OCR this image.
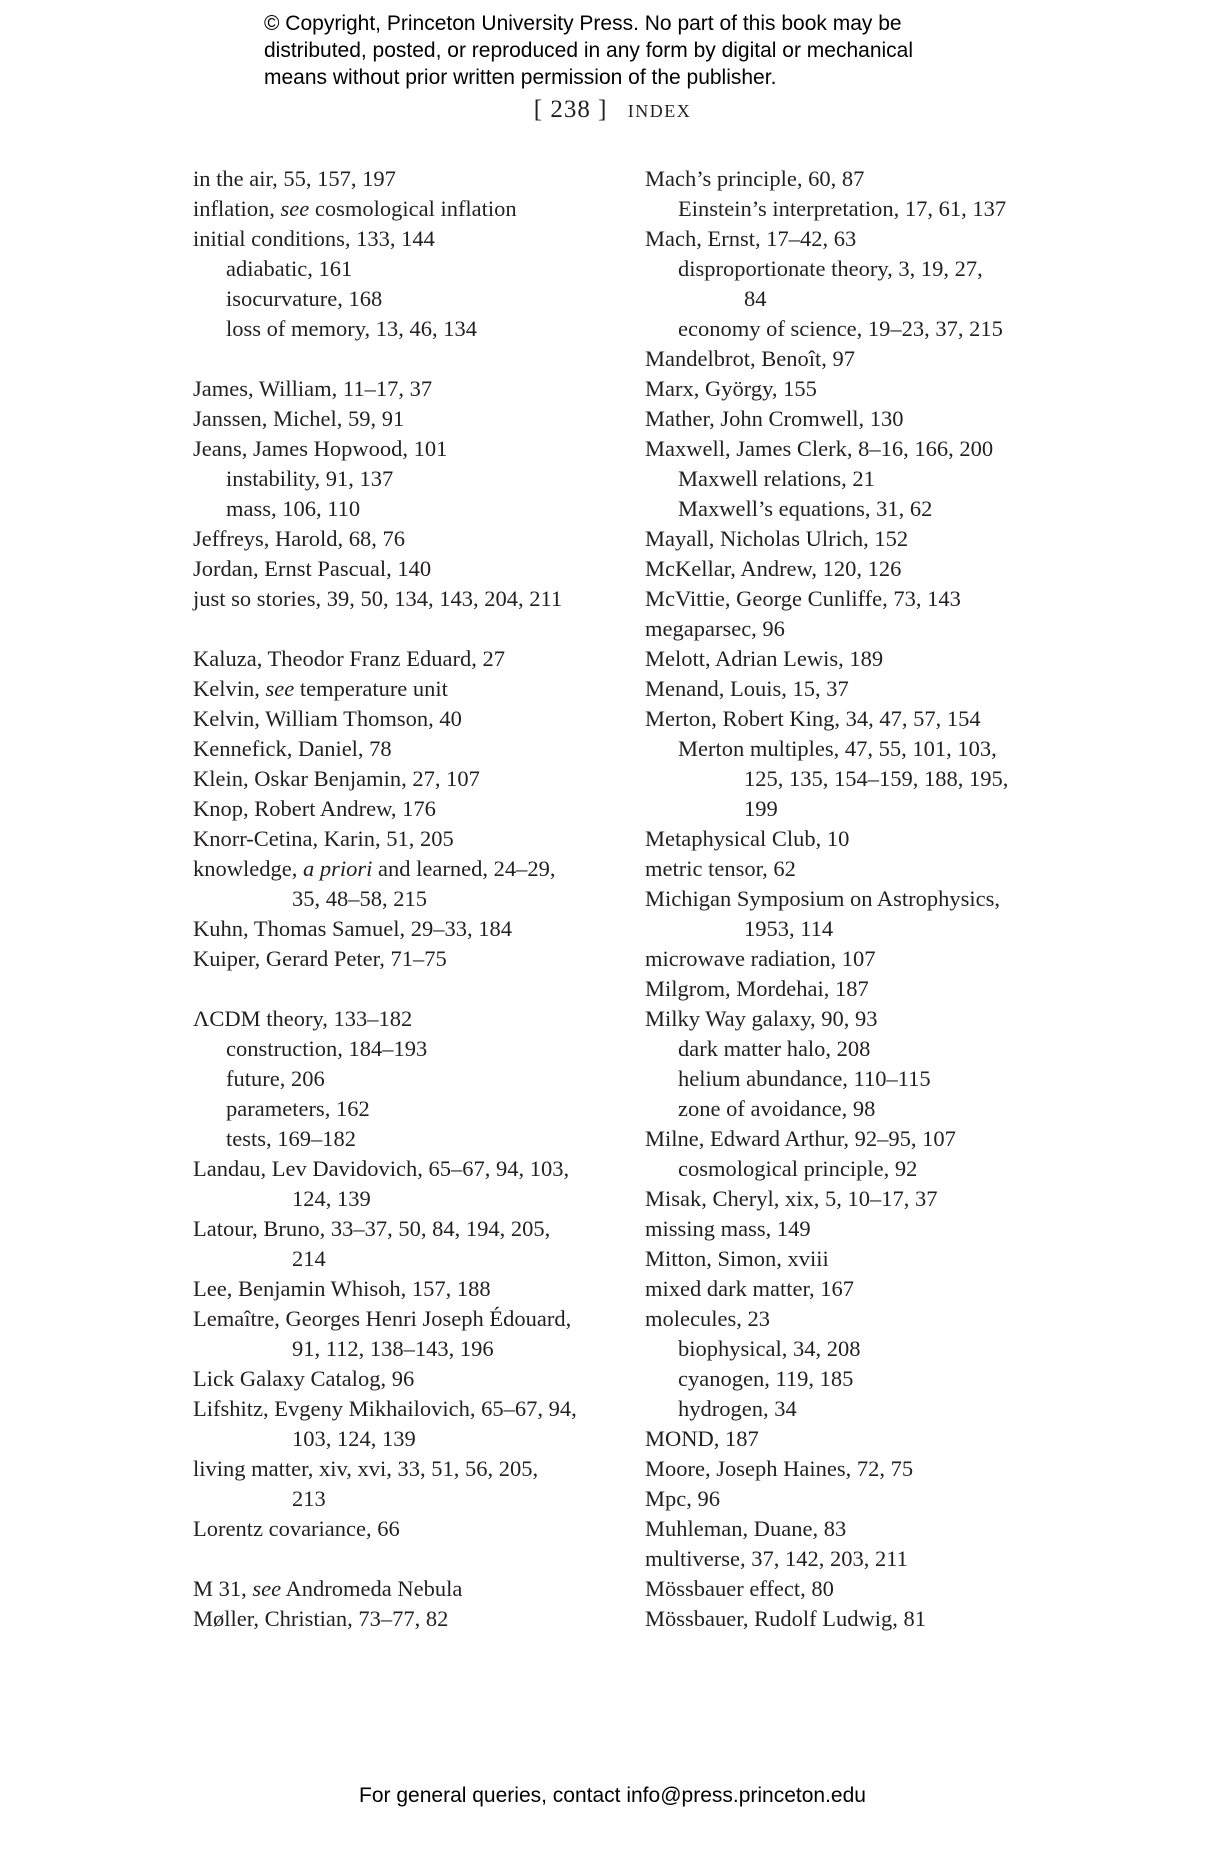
© Copyright, Princeton University Press. No part of this book may be
distributed, posted, or reproduced in any form by digital or mechanical
means without prior written permission of the publisher.
[ 238 ] index
in the air, 55, 157, 197
inflation, see cosmological inflation
initial conditions, 133, 144
adiabatic, 161
isocurvature, 168
loss of memory, 13, 46, 134
James, William, 11–17, 37
Janssen, Michel, 59, 91
Jeans, James Hopwood, 101
instability, 91, 137
mass, 106, 110
Jeffreys, Harold, 68, 76
Jordan, Ernst Pascual, 140
just so stories, 39, 50, 134, 143, 204, 211
Kaluza, Theodor Franz Eduard, 27
Kelvin, see temperature unit
Kelvin, William Thomson, 40
Kennefick, Daniel, 78
Klein, Oskar Benjamin, 27, 107
Knop, Robert Andrew, 176
Knorr-Cetina, Karin, 51, 205
knowledge, a priori and learned, 24–29,
35, 48–58, 215
Kuhn, Thomas Samuel, 29–33, 184
Kuiper, Gerard Peter, 71–75
ΛCDM theory, 133–182
construction, 184–193
future, 206
parameters, 162
tests, 169–182
Landau, Lev Davidovich, 65–67, 94, 103,
124, 139
Latour, Bruno, 33–37, 50, 84, 194, 205,
214
Lee, Benjamin Whisoh, 157, 188
Lemaître, Georges Henri Joseph Édouard,
91, 112, 138–143, 196
Lick Galaxy Catalog, 96
Lifshitz, Evgeny Mikhailovich, 65–67, 94,
103, 124, 139
living matter, xiv, xvi, 33, 51, 56, 205,
213
Lorentz covariance, 66
M 31, see Andromeda Nebula
Møller, Christian, 73–77, 82
Mach’s principle, 60, 87
Einstein’s interpretation, 17, 61, 137
Mach, Ernst, 17–42, 63
disproportionate theory, 3, 19, 27,
84
economy of science, 19–23, 37, 215
Mandelbrot, Benoît, 97
Marx, György, 155
Mather, John Cromwell, 130
Maxwell, James Clerk, 8–16, 166, 200
Maxwell relations, 21
Maxwell’s equations, 31, 62
Mayall, Nicholas Ulrich, 152
McKellar, Andrew, 120, 126
McVittie, George Cunliffe, 73, 143
megaparsec, 96
Melott, Adrian Lewis, 189
Menand, Louis, 15, 37
Merton, Robert King, 34, 47, 57, 154
Merton multiples, 47, 55, 101, 103,
125, 135, 154–159, 188, 195,
199
Metaphysical Club, 10
metric tensor, 62
Michigan Symposium on Astrophysics,
1953, 114
microwave radiation, 107
Milgrom, Mordehai, 187
Milky Way galaxy, 90, 93
dark matter halo, 208
helium abundance, 110–115
zone of avoidance, 98
Milne, Edward Arthur, 92–95, 107
cosmological principle, 92
Misak, Cheryl, xix, 5, 10–17, 37
missing mass, 149
Mitton, Simon, xviii
mixed dark matter, 167
molecules, 23
biophysical, 34, 208
cyanogen, 119, 185
hydrogen, 34
MOND, 187
Moore, Joseph Haines, 72, 75
Mpc, 96
Muhleman, Duane, 83
multiverse, 37, 142, 203, 211
Mössbauer effect, 80
Mössbauer, Rudolf Ludwig, 81
For general queries, contact info@press.princeton.edu
